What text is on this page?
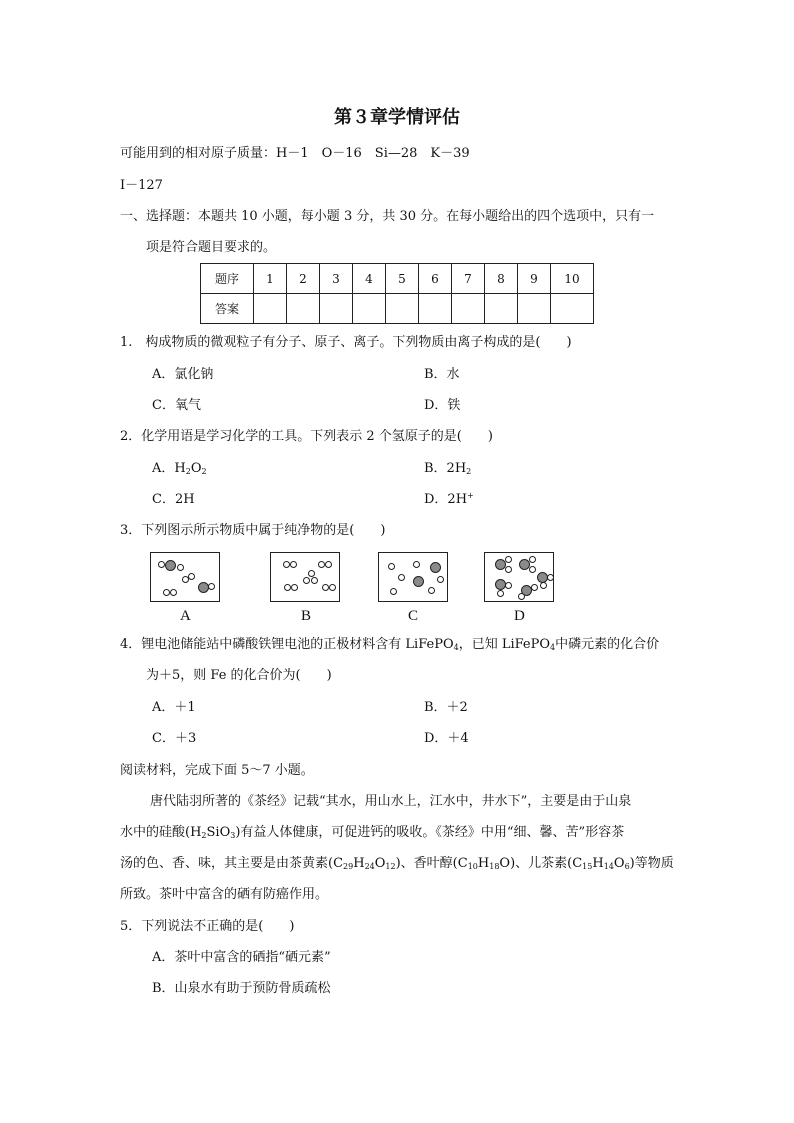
第３章学情评估
可能用到的相对原子质量：H－1　O－16　Si—28　K－39
I－127
一、选择题：本题共 10 小题，每小题 3 分，共 30 分。在每小题给出的四个选项中，只有一
项是符合题目要求的。
题序	1	2	3	4	5	6	7	8	9	10
答案										
1.　构成物质的微观粒子有分子、原子、离子。下列物质由离子构成的是(　　)
A．氯化钠	B．水
C．氧气	D．铁
2．化学用语是学习化学的工具。下列表示 2 个氢原子的是(　　)
A．$H_2O_2$	B．$2H_2$
C．2H	D．2H+
3．下列图示所示物质中属于纯净物的是(　　)
A	B	C	D
4．锂电池储能站中磷酸铁锂电池的正极材料含有 LiFePO$_4$，已知 LiFePO$_4$中磷元素的化合价
为＋5，则 Fe 的化合价为(　　)
A．＋1	B．＋2
C．＋3	D．＋4
阅读材料，完成下面 5～7 小题。
唐代陆羽所著的《茶经》记载“其水，用山水上，江水中，井水下”，主要是由于山泉
水中的硅酸$(H_2SiO_3)$有益人体健康，可促进钙的吸收。《茶经》中用“细、馨、苦”形容茶
汤的色、香、味，其主要是由茶黄素$(C_{29}H_{24}O_{12})$、香叶醇$(C_{10}H_{18}O)$、儿茶素$(C_{15}H_{14}O_6)$等物质
所致。茶叶中富含的硒有防癌作用。
5．下列说法不正确的是(　　)
A．茶叶中富含的硒指“硒元素”
B．山泉水有助于预防骨质疏松
